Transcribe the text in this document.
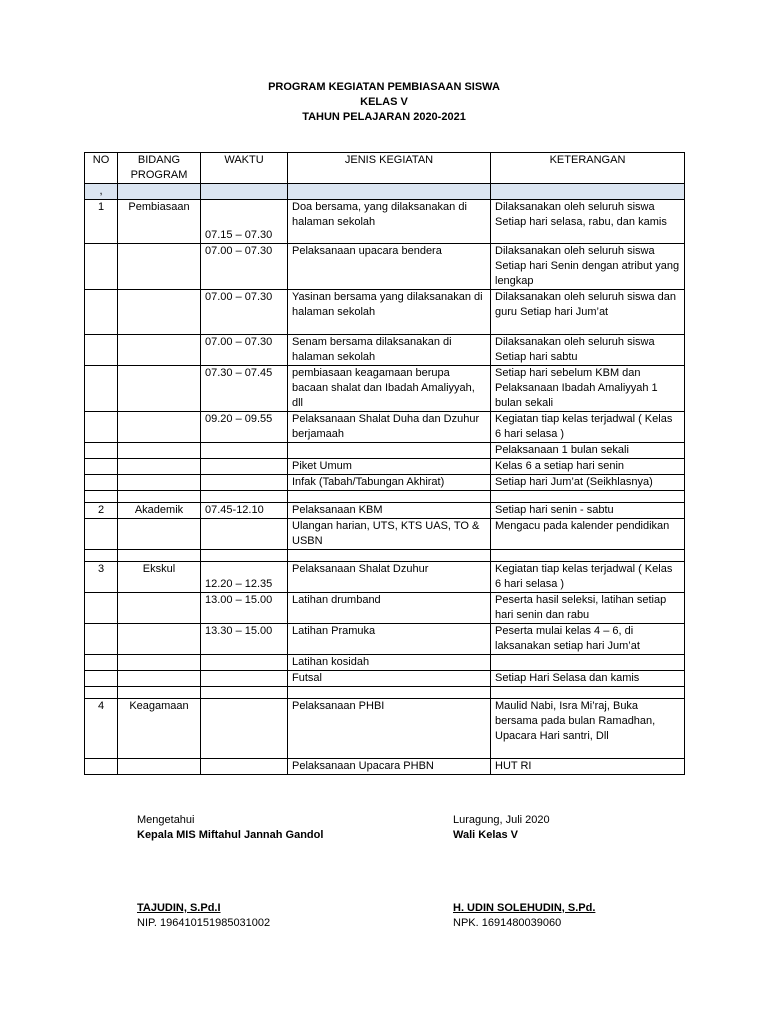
PROGRAM KEGIATAN PEMBIASAAN SISWA
KELAS V
TAHUN PELAJARAN 2020-2021
NO	BIDANG PROGRAM	WAKTU	JENIS KEGIATAN	KETERANGAN
,				
1	Pembiasaan	07.15 – 07.30	Doa bersama, yang dilaksanakan di halaman sekolah	Dilaksanakan oleh seluruh siswa Setiap hari selasa, rabu, dan kamis
		07.00 – 07.30	Pelaksanaan upacara bendera	Dilaksanakan oleh seluruh siswa Setiap hari Senin dengan atribut yang lengkap
		07.00 – 07.30	Yasinan bersama yang dilaksanakan di halaman sekolah	Dilaksanakan oleh seluruh siswa dan guru Setiap hari Jum’at
		07.00 – 07.30	Senam bersama dilaksanakan di halaman sekolah	Dilaksanakan oleh seluruh siswa Setiap hari sabtu
		07.30 – 07.45	pembiasaan keagamaan berupa bacaan shalat dan Ibadah Amaliyyah, dll	Setiap hari sebelum KBM dan Pelaksanaan Ibadah Amaliyyah 1 bulan sekali
		09.20 – 09.55	Pelaksanaan Shalat Duha dan Dzuhur berjamaah	Kegiatan tiap kelas terjadwal ( Kelas 6 hari selasa )
				Pelaksanaan 1 bulan sekali
			Piket Umum	Kelas 6 a setiap hari senin
			Infak (Tabah/Tabungan Akhirat)	Setiap hari Jum’at (Seikhlasnya)

2	Akademik	07.45-12.10	Pelaksanaan KBM	Setiap hari senin - sabtu
			Ulangan harian, UTS, KTS UAS, TO & USBN	Mengacu pada kalender pendidikan

3	Ekskul	12.20 – 12.35	Pelaksanaan Shalat Dzuhur	Kegiatan tiap kelas terjadwal ( Kelas 6 hari selasa )
		13.00 – 15.00	Latihan drumband	Peserta hasil seleksi, latihan setiap hari senin dan rabu
		13.30 – 15.00	Latihan Pramuka	Peserta mulai kelas 4 – 6, di laksanakan setiap hari Jum’at
			Latihan kosidah	
			Futsal	Setiap Hari Selasa dan kamis

4	Keagamaan		Pelaksanaan PHBI	Maulid Nabi, Isra Mi’raj, Buka bersama pada bulan Ramadhan, Upacara Hari santri, Dll
			Pelaksanaan Upacara PHBN	HUT RI
Mengetahui
Kepala MIS Miftahul Jannah Gandol
TAJUDIN, S.Pd.I
NIP. 196410151985031002
Luragung, Juli 2020
Wali Kelas V
H. UDIN SOLEHUDIN, S.Pd.
NPK. 1691480039060
